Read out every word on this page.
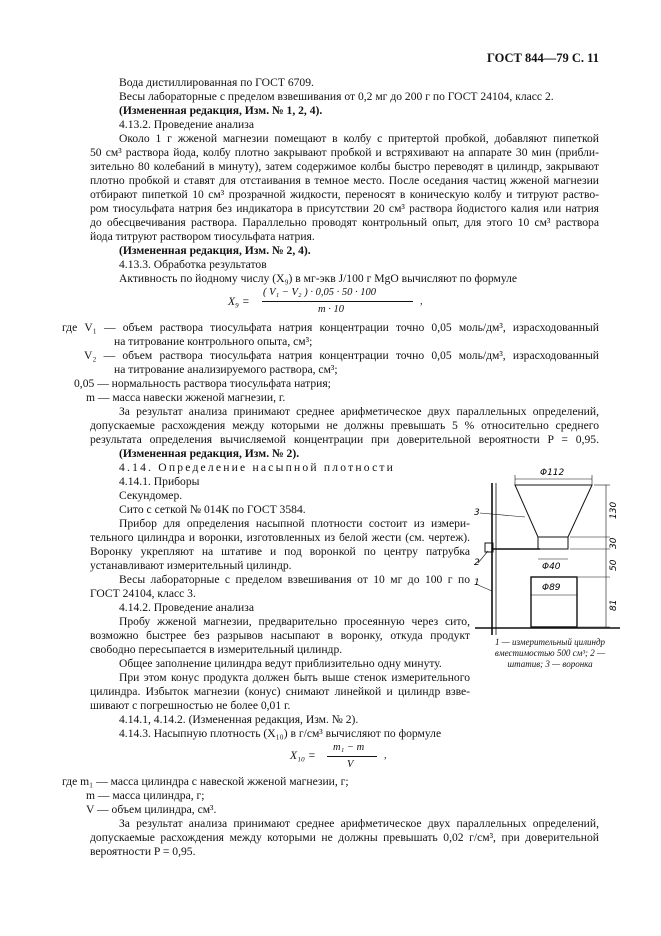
ГОСТ 844—79 С. 11
Вода дистиллированная по ГОСТ 6709.
Весы лабораторные с пределом взвешивания от 0,2 мг до 200 г по ГОСТ 24104, класс 2.
(Измененная редакция, Изм. № 1, 2, 4).
4.13.2. Проведение анализа
Около 1 г жженой магнезии помещают в колбу с притертой пробкой, добавляют пипеткой
50 см³ раствора йода, колбу плотно закрывают пробкой и встряхивают на аппарате 30 мин (прибли-
зительно 80 колебаний в минуту), затем содержимое колбы быстро переводят в цилиндр, закрывают
плотно пробкой и ставят для отстаивания в темное место. После оседания частиц жженой магнезии
отбирают пипеткой 10 см³ прозрачной жидкости, переносят в коническую колбу и титруют раство-
ром тиосульфата натрия без индикатора в присутствии 20 см³ раствора йодистого калия или натрия
до обесцвечивания раствора. Параллельно проводят контрольный опыт, для этого 10 см³ раствора
йода титруют раствором тиосульфата натрия.
(Измененная редакция, Изм. № 2, 4).
4.13.3. Обработка результатов
Активность по йодному числу (X₉) в мг-экв J/100 г MgO вычисляют по формуле
X₉ =
( V₁ − V₂ ) · 0,05 · 50 · 100
m · 10
,
где V₁ — объем раствора тиосульфата натрия концентрации точно 0,05 моль/дм³, израсходованный
на титрование контрольного опыта, см³;
V₂ — объем раствора тиосульфата натрия концентрации точно 0,05 моль/дм³, израсходованный
на титрование анализируемого раствора, см³;
0,05 — нормальность раствора тиосульфата натрия;
m — масса навески жженой магнезии, г.
За результат анализа принимают среднее арифметическое двух параллельных определений,
допускаемые расхождения между которыми не должны превышать 5 % относительно среднего
результата определения вычисляемой концентрации при доверительной вероятности P = 0,95.
(Измененная редакция, Изм. № 2).
4.14. Определение насыпной плотности
4.14.1. Приборы
Секундомер.
Сито с сеткой № 014К по ГОСТ 3584.
Прибор для определения насыпной плотности состоит из измери-
тельного цилиндра и воронки, изготовленных из белой жести (см. чертеж).
Воронку укрепляют на штативе и под воронкой по центру патрубка
устанавливают измерительный цилиндр.
Весы лабораторные с пределом взвешивания от 10 мг до 100 г по
ГОСТ 24104, класс 3.
4.14.2. Проведение анализа
Пробу жженой магнезии, предварительно просеянную через сито,
возможно быстрее без разрывов насыпают в воронку, откуда продукт
свободно пересыпается в измерительный цилиндр.
Общее заполнение цилиндра ведут приблизительно одну минуту.
При этом конус продукта должен быть выше стенок измерительного
цилиндра. Избыток магнезии (конус) снимают линейкой и цилиндр взве-
шивают с погрешностью не более 0,01 г.
4.14.1, 4.14.2. (Измененная редакция, Изм. № 2).
4.14.3. Насыпную плотность (X₁₀) в г/см³ вычисляют по формуле
X₁₀ =
m₁ − m
V
,
где m₁ — масса цилиндра с навеской жженой магнезии, г;
m — масса цилиндра, г;
V — объем цилиндра, см³.
За результат анализа принимают среднее арифметическое двух параллельных определений,
допускаемые расхождения между которыми не должны превышать 0,02 г/см³, при доверительной
вероятности P = 0,95.
Φ112
Φ40
Φ89
130
30
50
81
3
2
1
1 — измерительный цилиндр
вместимостью 500 см³; 2 —
штатив; 3 — воронка
